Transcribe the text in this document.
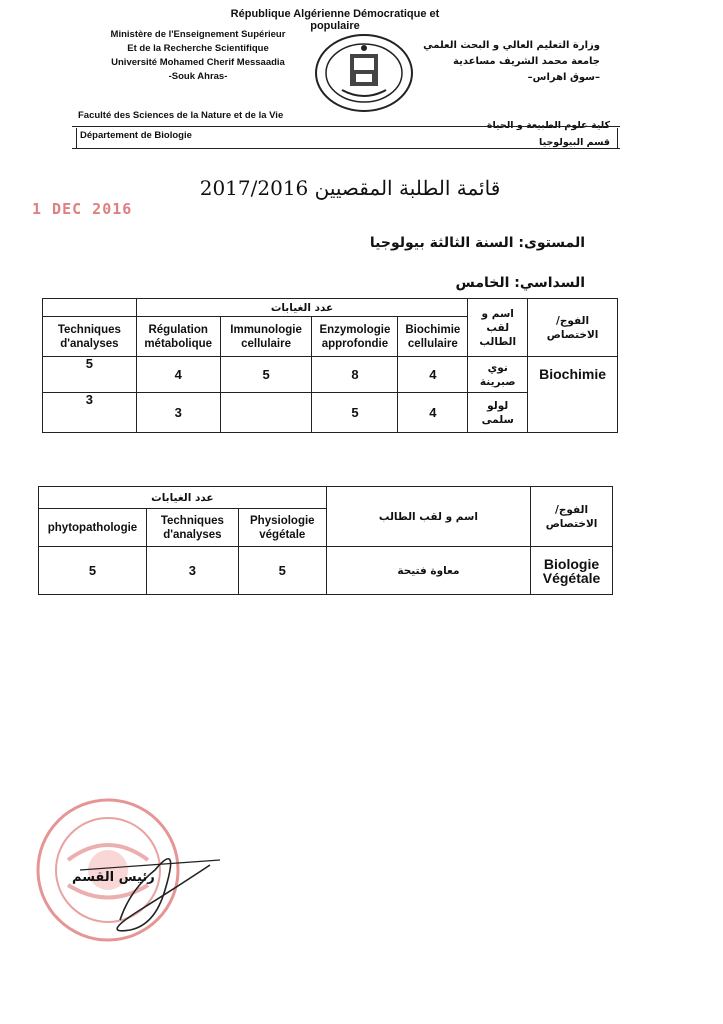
République Algérienne Démocratique et populaire
Ministère de l'Enseignement Supérieur
Et de la Recherche Scientifique
Université Mohamed Cherif Messaadia
-Souk Ahras-
وزارة التعليم العالي و البحث العلمي
جامعة محمد الشريف مساعدية
–سوق اهراس–
Faculté des Sciences de la Nature et de la Vie
كلية علوم الطبيعة و الحياة
Département de Biologie
قسم البيولوجيا
قائمة الطلبة المقصيين 2017/2016
1 DEC 2016
المستوى: السنة الثالثة بيولوجيا
السداسي: الخامس
	عدد الغيابات				اسم و لقب الطالب	الفوج/ الاختصاص
Techniques d'analyses	Régulation métabolique	Immunologie cellulaire	Enzymologie approfondie	Biochimie cellulaire		
5	4	5	8	4	نوي صبرينة	Biochimie
3	3		5	4	لولو سلمى	
عدد الغيابات			اسم و لقب الطالب	الفوج/ الاختصاص
phytopathologie	Techniques d'analyses	Physiologie végétale		
5	3	5	معاوة فتيحة	Biologie Végétale
رئيس القسم
